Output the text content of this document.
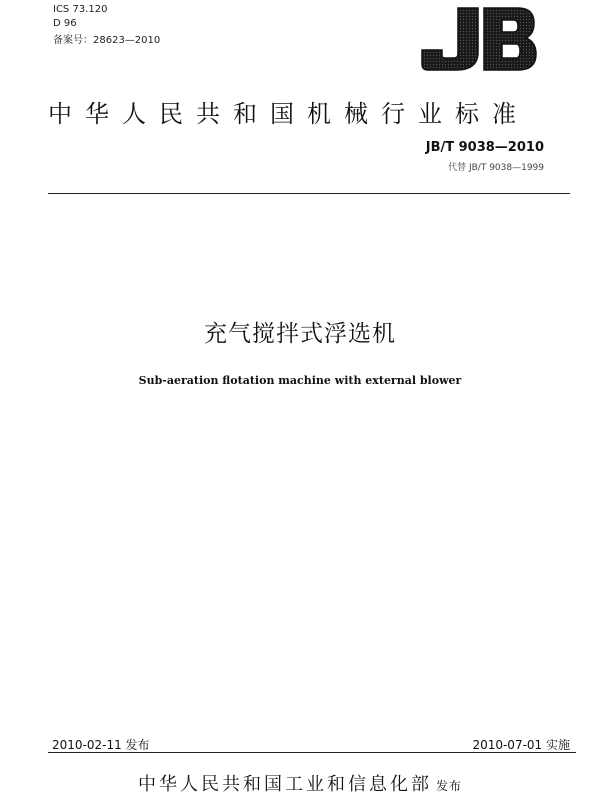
ICS 73.120
D 96
备案号：28623—2010
中华人民共和国机械行业标准
JB/T 9038—2010
代替 JB/T 9038—1999
充气搅拌式浮选机
Sub-aeration flotation machine with external blower
2010-02-11 发布	2010-07-01 实施
中华人民共和国工业和信息化部 发布
